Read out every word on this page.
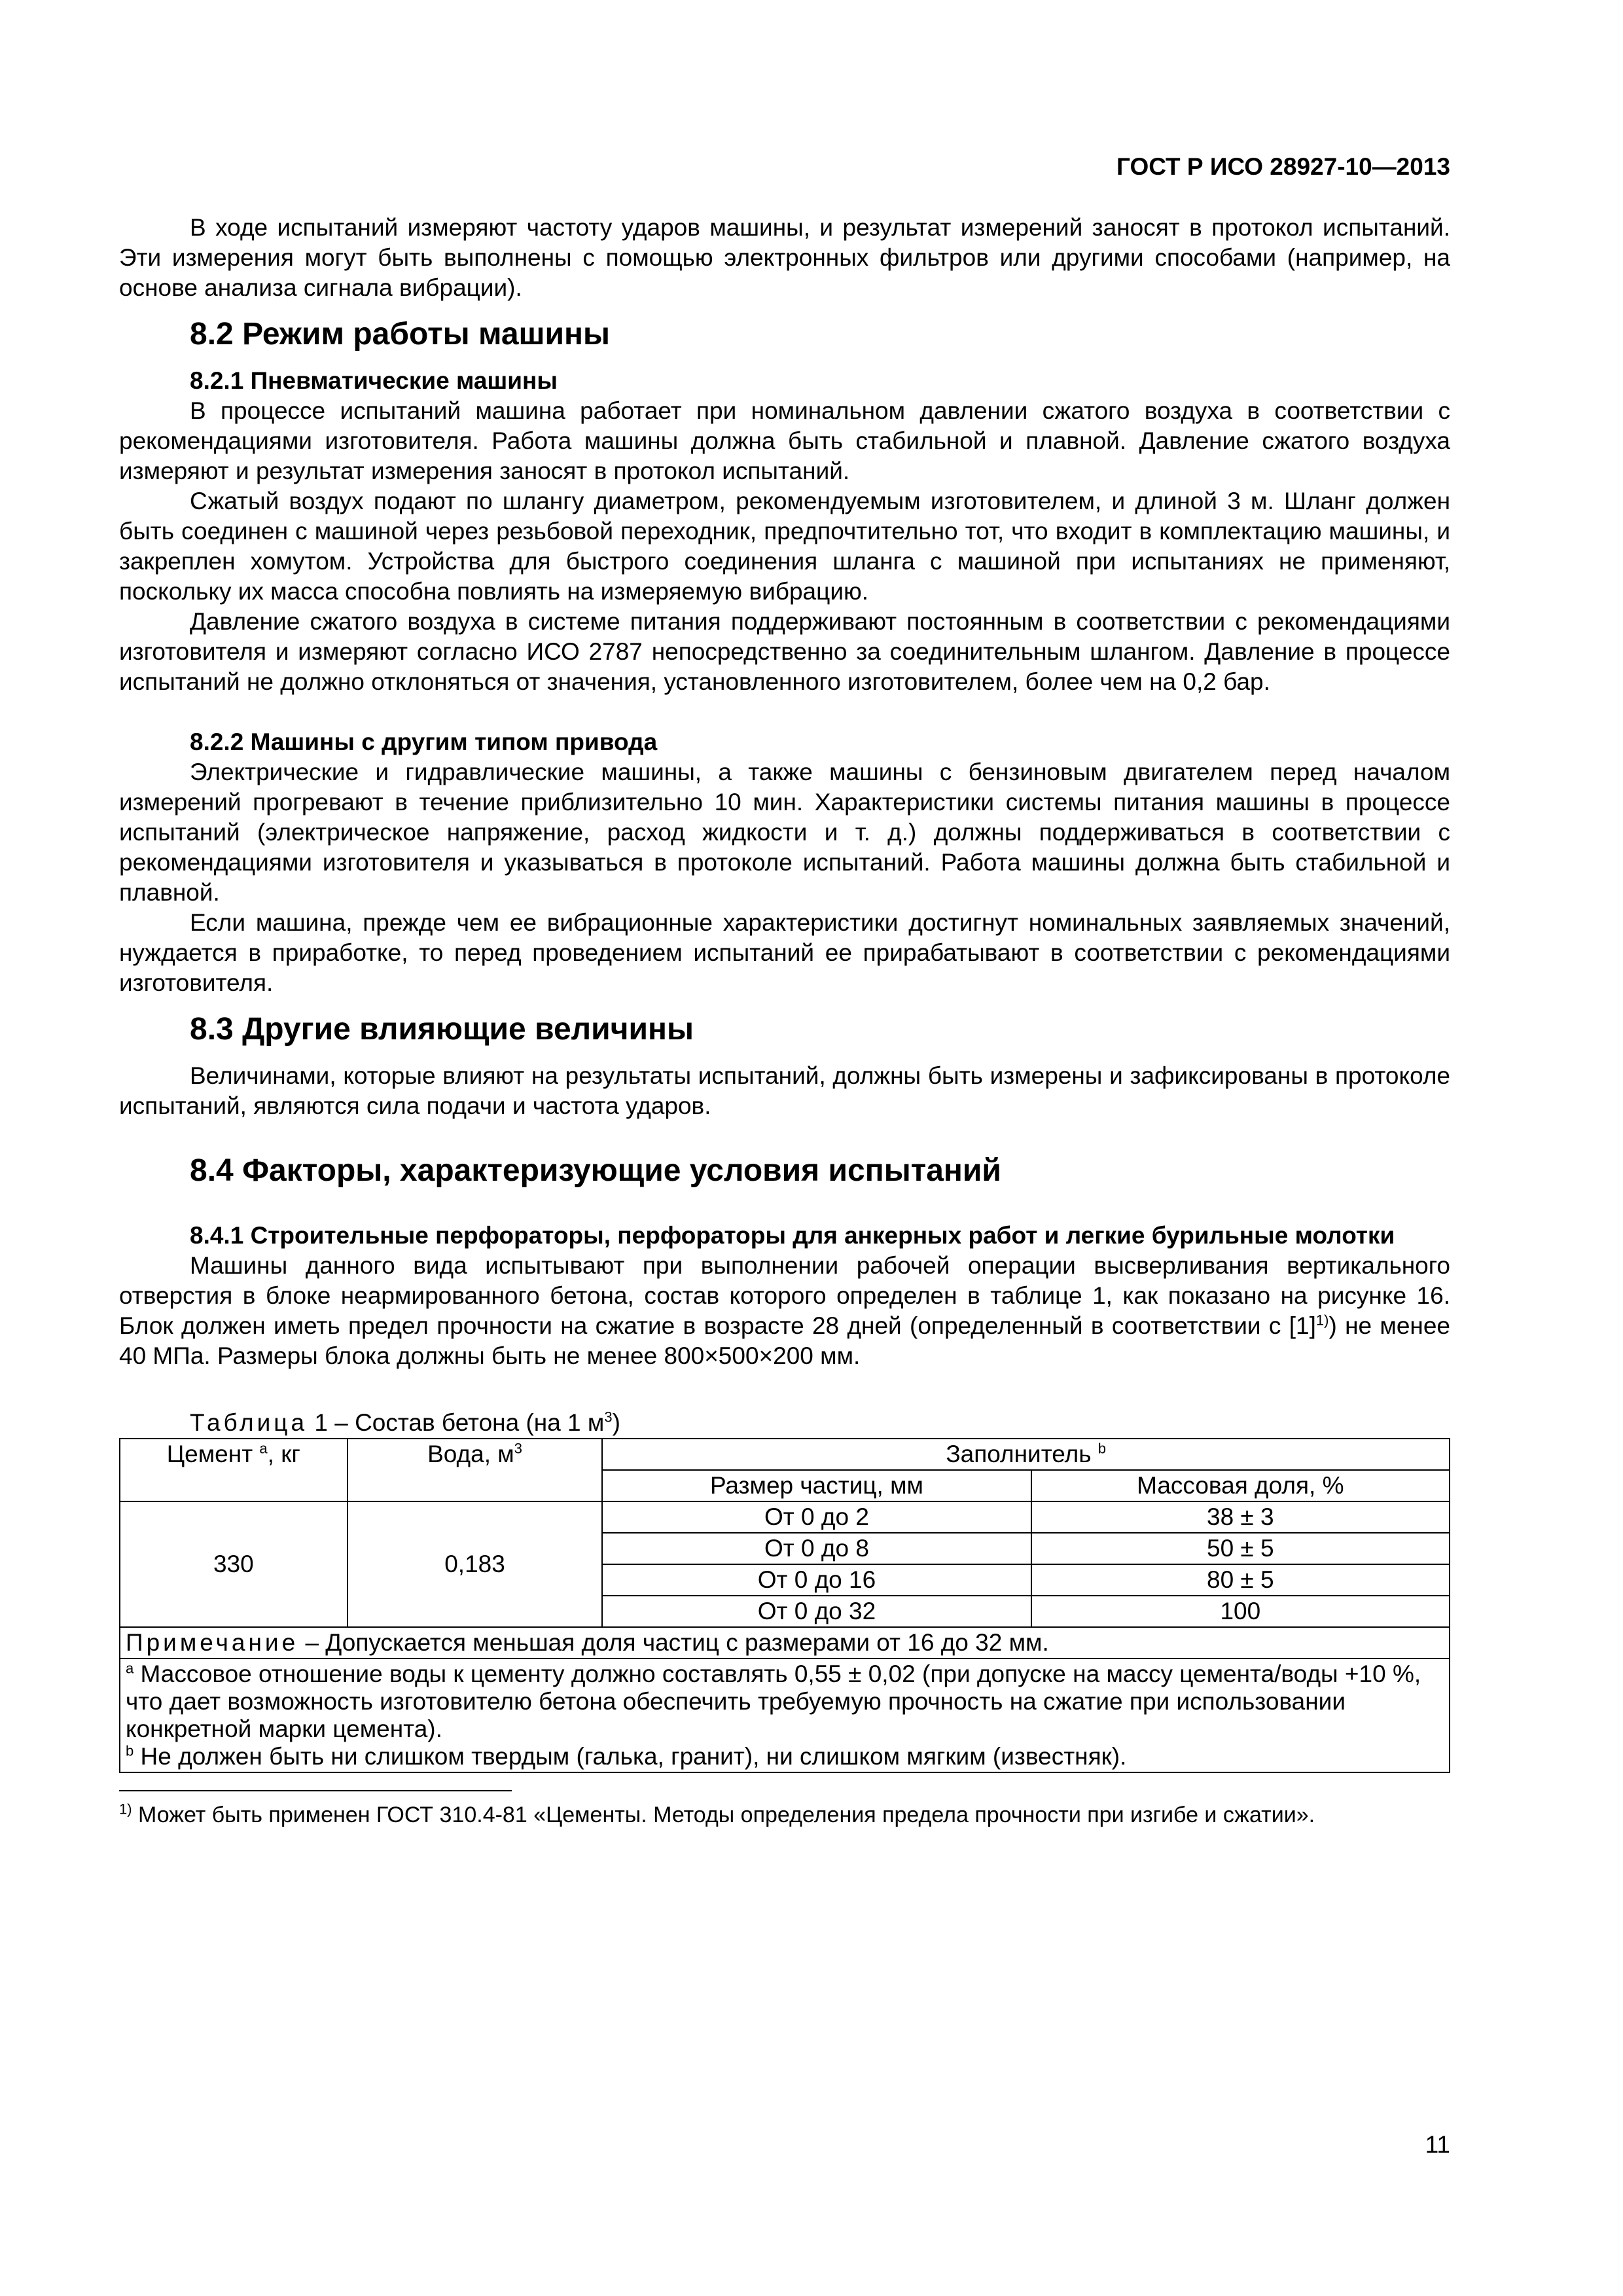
ГОСТ Р ИСО 28927-10—2013

В ходе испытаний измеряют частоту ударов машины, и результат измерений заносят в протокол испытаний. Эти измерения могут быть выполнены с помощью электронных фильтров или другими способами (например, на основе анализа сигнала вибрации).

8.2 Режим работы машины
8.2.1 Пневматические машины

В процессе испытаний машина работает при номинальном давлении сжатого воздуха в соответствии с рекомендациями изготовителя. Работа машины должна быть стабильной и плавной. Давление сжатого воздуха измеряют и результат измерения заносят в протокол испытаний.

Сжатый воздух подают по шлангу диаметром, рекомендуемым изготовителем, и длиной 3 м. Шланг должен быть соединен с машиной через резьбовой переходник, предпочтительно тот, что входит в комплектацию машины, и закреплен хомутом. Устройства для быстрого соединения шланга с машиной при испытаниях не применяют, поскольку их масса способна повлиять на измеряемую вибрацию.

Давление сжатого воздуха в системе питания поддерживают постоянным в соответствии с рекомендациями изготовителя и измеряют согласно ИСО 2787 непосредственно за соединительным шлангом. Давление в процессе испытаний не должно отклоняться от значения, установленного изготовителем, более чем на 0,2 бар.

8.2.2 Машины с другим типом привода

Электрические и гидравлические машины, а также машины с бензиновым двигателем перед началом измерений прогревают в течение приблизительно 10 мин. Характеристики системы питания машины в процессе испытаний (электрическое напряжение, расход жидкости и т. д.) должны поддерживаться в соответствии с рекомендациями изготовителя и указываться в протоколе испытаний. Работа машины должна быть стабильной и плавной.

Если машина, прежде чем ее вибрационные характеристики достигнут номинальных заявляемых значений, нуждается в приработке, то перед проведением испытаний ее прирабатывают в соответствии с рекомендациями изготовителя.

8.3 Другие влияющие величины

Величинами, которые влияют на результаты испытаний, должны быть измерены и зафиксированы в протоколе испытаний, являются сила подачи и частота ударов.

8.4 Факторы, характеризующие условия испытаний
8.4.1 Строительные перфораторы, перфораторы для анкерных работ и легкие бурильные молотки

Машины данного вида испытывают при выполнении рабочей операции высверливания вертикального отверстия в блоке неармированного бетона, состав которого определен в таблице 1, как показано на рисунке 16. Блок должен иметь предел прочности на сжатие в возрасте 28 дней (определенный в соответствии с $[1]^{1)}$) не менее 40 МПа. Размеры блока должны быть не менее 800×500×200 мм.

Таблица 1 – Состав бетона (на 1 $м^3$)
Цемент $^a$, кг	Вода, $м^3$	Заполнитель $^b$
		Размер частиц, мм	Массовая доля, %
330	0,183	От 0 до 2	38 ± 3
		От 0 до 8	50 ± 5
		От 0 до 16	80 ± 5
		От 0 до 32	100
Примечание – Допускается меньшая доля частиц с размерами от 16 до 32 мм.			

$^a$ Массовое отношение воды к цементу должно составлять 0,55 ± 0,02 (при допуске на массу цемента/воды +10 %, что дает возможность изготовителю бетона обеспечить требуемую прочность на сжатие при использовании конкретной марки цемента).
$^b$ Не должен быть ни слишком твердым (галька, гранит), ни слишком мягким (известняк).			
$^{1)}$ Может быть применен ГОСТ 310.4-81 «Цементы. Методы определения предела прочности при изгибе и сжатии».
11
